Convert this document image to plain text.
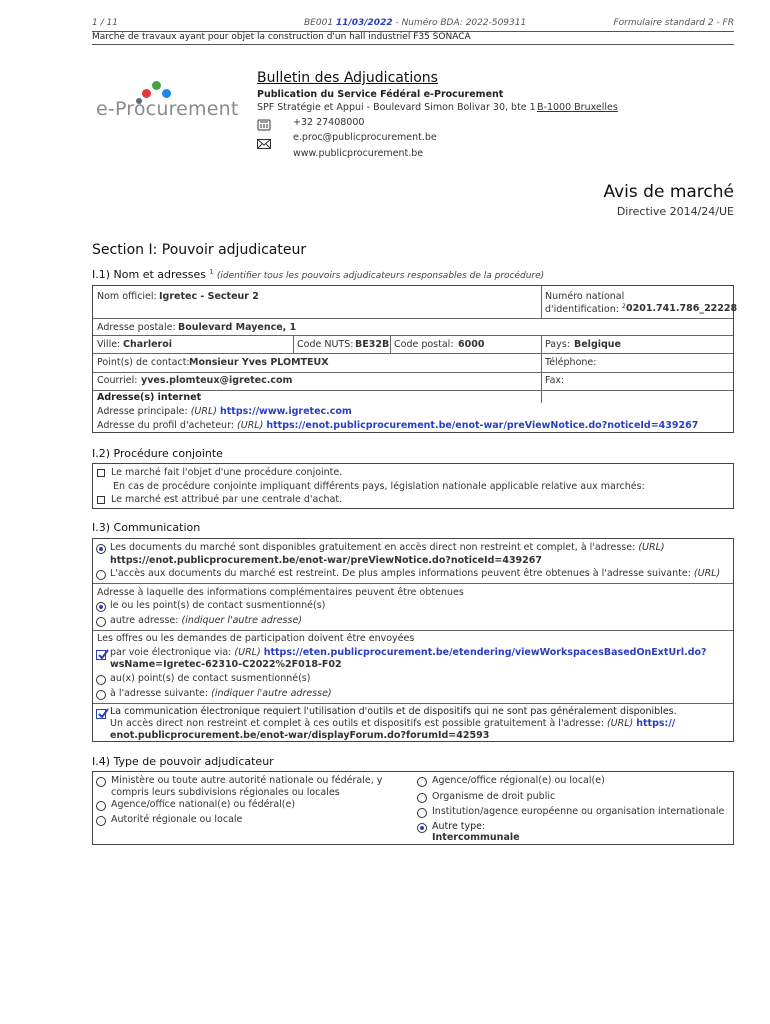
1 / 11	BE001 11/03/2022 - Numéro BDA: 2022-509311	Formulaire standard 2 - FR
Marché de travaux ayant pour objet la construction d'un hall industriel F35 SONACA
e-Procurement
Bulletin des Adjudications
Publication du Service Fédéral e-Procurement
SPF Stratégie et Appui - Boulevard Simon Bolivar 30, bte 1 B-1000 Bruxelles
+32 27408000
e.proc@publicprocurement.be
www.publicprocurement.be
Avis de marché
Directive 2014/24/UE
Section I: Pouvoir adjudicateur
I.1) Nom et adresses $^1$ (identifier tous les pouvoirs adjudicateurs responsables de la procédure)
Nom officiel: Igretec - Secteur 2	Numéro national
d'identification: $^2$ 0201.741.786_22228
Adresse postale: Boulevard Mayence, 1
Ville: Charleroi	Code NUTS: BE32B Code postal: 6000	Pays: Belgique
Point(s) de contact: Monsieur Yves PLOMTEUX	Téléphone:
Courriel: yves.plomteux@igretec.com	Fax:
Adresse(s) internet
Adresse principale: (URL) https://www.igretec.com
Adresse du profil d'acheteur: (URL) https://enot.publicprocurement.be/enot-war/preViewNotice.do?noticeId=439267
I.2) Procédure conjointe
Le marché fait l'objet d'une procédure conjointe.
En cas de procédure conjointe impliquant différents pays, législation nationale applicable relative aux marchés:
Le marché est attribué par une centrale d'achat.
I.3) Communication
Les documents du marché sont disponibles gratuitement en accès direct non restreint et complet, à l'adresse: (URL)
https://enot.publicprocurement.be/enot-war/preViewNotice.do?noticeId=439267
L'accès aux documents du marché est restreint. De plus amples informations peuvent être obtenues à l'adresse suivante: (URL)
Adresse à laquelle des informations complémentaires peuvent être obtenues
le ou les point(s) de contact susmentionné(s)
autre adresse: (indiquer l'autre adresse)
Les offres ou les demandes de participation doivent être envoyées
par voie électronique via: (URL) https://eten.publicprocurement.be/etendering/viewWorkspacesBasedOnExtUrl.do?
wsName=Igretec-62310-C2022%2F018-F02
au(x) point(s) de contact susmentionné(s)
à l'adresse suivante: (indiquer l'autre adresse)
La communication électronique requiert l'utilisation d'outils et de dispositifs qui ne sont pas généralement disponibles.
Un accès direct non restreint et complet à ces outils et dispositifs est possible gratuitement à l'adresse: (URL) https://
enot.publicprocurement.be/enot-war/displayForum.do?forumId=42593
I.4) Type de pouvoir adjudicateur
Ministère ou toute autre autorité nationale ou fédérale, y
compris leurs subdivisions régionales ou locales
Agence/office national(e) ou fédéral(e)
Autorité régionale ou locale
Agence/office régional(e) ou local(e)
Organisme de droit public
Institution/agence européenne ou organisation internationale
Autre type:
Intercommunale
